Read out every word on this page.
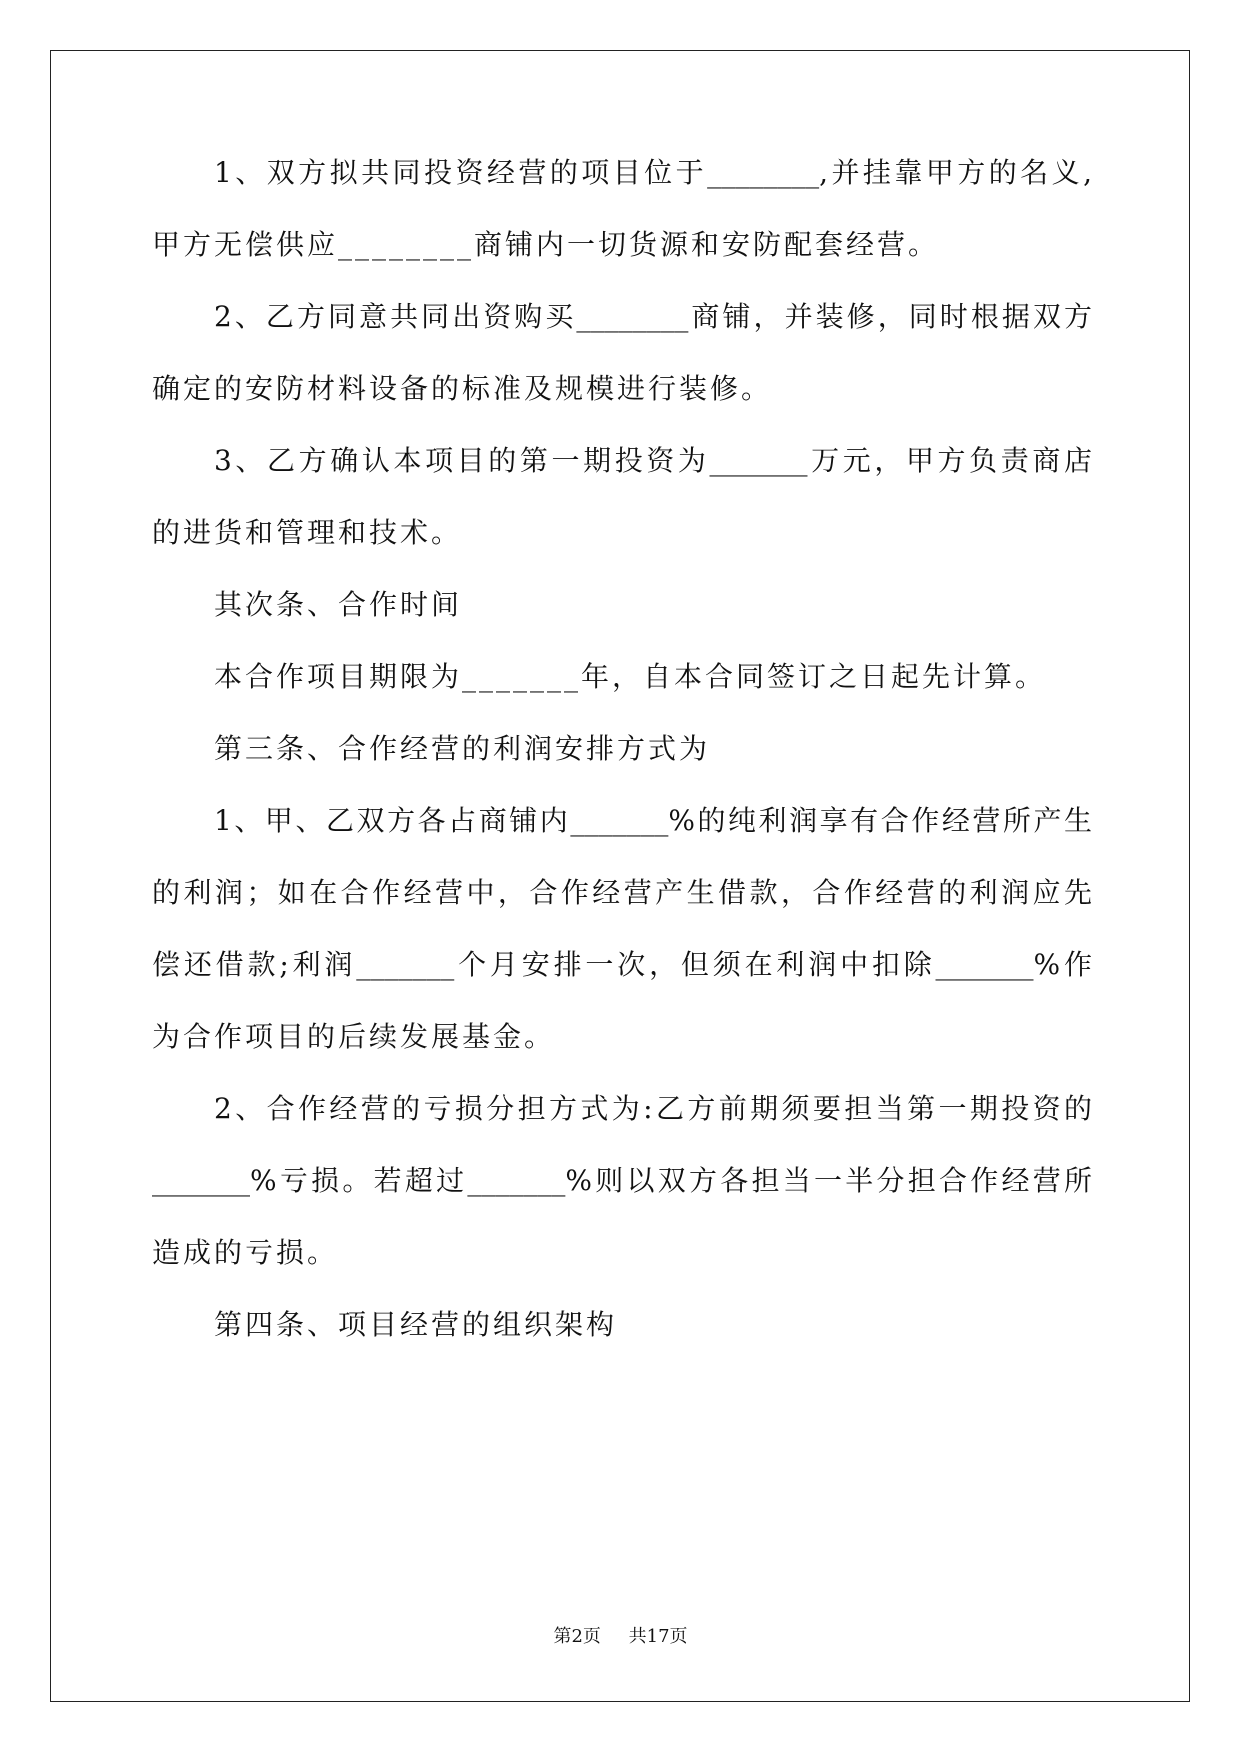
1、双方拟共同投资经营的项目位于________,并挂靠甲方的名义,
甲方无偿供应________商铺内一切货源和安防配套经营。
2、乙方同意共同出资购买________商铺，并装修，同时根据双方
确定的安防材料设备的标准及规模进行装修。
3、乙方确认本项目的第一期投资为_______万元，甲方负责商店
的进货和管理和技术。
其次条、合作时间
本合作项目期限为_______年，自本合同签订之日起先计算。
第三条、合作经营的利润安排方式为
1、甲、乙双方各占商铺内_______%的纯利润享有合作经营所产生
的利润；如在合作经营中，合作经营产生借款，合作经营的利润应先
偿还借款;利润_______个月安排一次，但须在利润中扣除_______%作
为合作项目的后续发展基金。
2、合作经营的亏损分担方式为:乙方前期须要担当第一期投资的
_______%亏损。若超过_______%则以双方各担当一半分担合作经营所
造成的亏损。
第四条、项目经营的组织架构
第2页 共17页
